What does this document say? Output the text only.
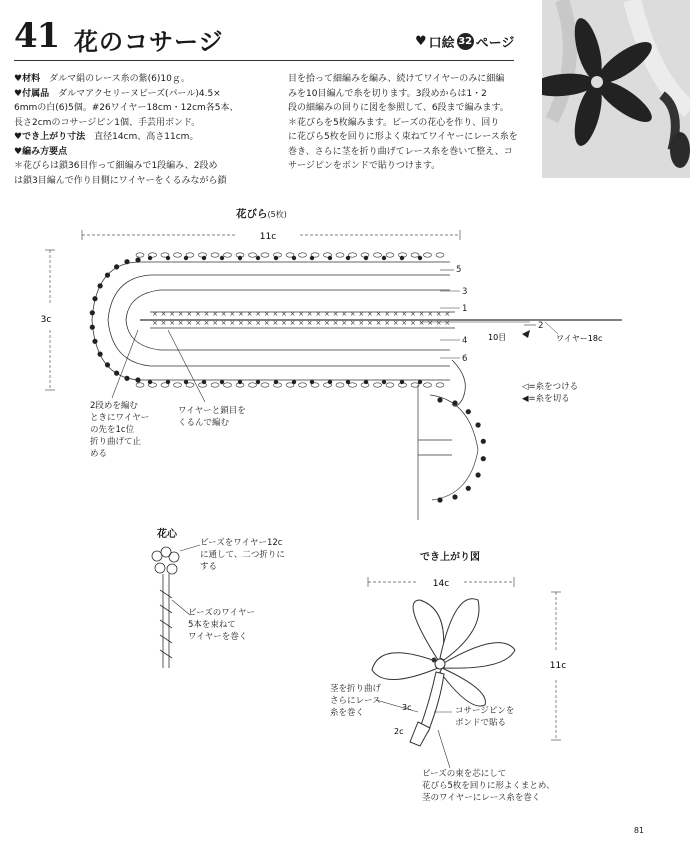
41 花のコサージ	♥ 口絵 32 ページ
♥材料　 ダルマ絹のレース糸の紫(6)10ｇ。
♥付属品　 ダルマアクセリーヌビーズ(パール)4.5×
6mmの白(6)5個。#26ワイヤー18cm・12cm各5本、
長さ2cmのコサージピン1個、手芸用ボンド。
♥でき上がり寸法　 直径14cm、高さ11cm。
♥編み方要点
＊花びらは鎖36目作って細編みで1段編み、2段め
は鎖3目編んで作り目側にワイヤーをくるみながら鎖

目を拾って細編みを編み、続けてワイヤーのみに細編

みを10目編んで糸を切ります。3段めからは1・2

段の細編みの回りに図を参照して、6段まで編みます。

＊花びらを5枚編みます。ビーズの花心を作り、回り

に花びら5枚を回りに形よく束ねてワイヤーにレース糸を

巻き、さらに茎を折り曲げてレース糸を巻いて整え、コ

サージピンをボンドで貼りつけます。

花びら(5枚)
11c
3c
× × × × × × × × × × × × × × × × × × × × × × × × × × × × × × × × × × ×
× × × × × × × × × × × × × × × × × × × × × × × × × × × × × × × × × × ×
5
3
1
2
4
6
10目	ワイヤー18c
14c
11c
3c
2c
2段めを編む
ときにワイヤー
の先を1c位
折り曲げて止
める
ワイヤーと鎖目を
くるんで編む
◁=糸をつける
◀=糸を切る
花心
ビーズをワイヤー12c
に通して、二つ折りに
する
ビーズのワイヤー
5本を束ねて
ワイヤーを巻く
でき上がり図
茎を折り曲げ
さらにレース
糸を巻く	コサージピンを
ボンドで貼る
ビーズの束を芯にして
花びら5枚を回りに形よくまとめ、
茎のワイヤーにレース糸を巻く
81
